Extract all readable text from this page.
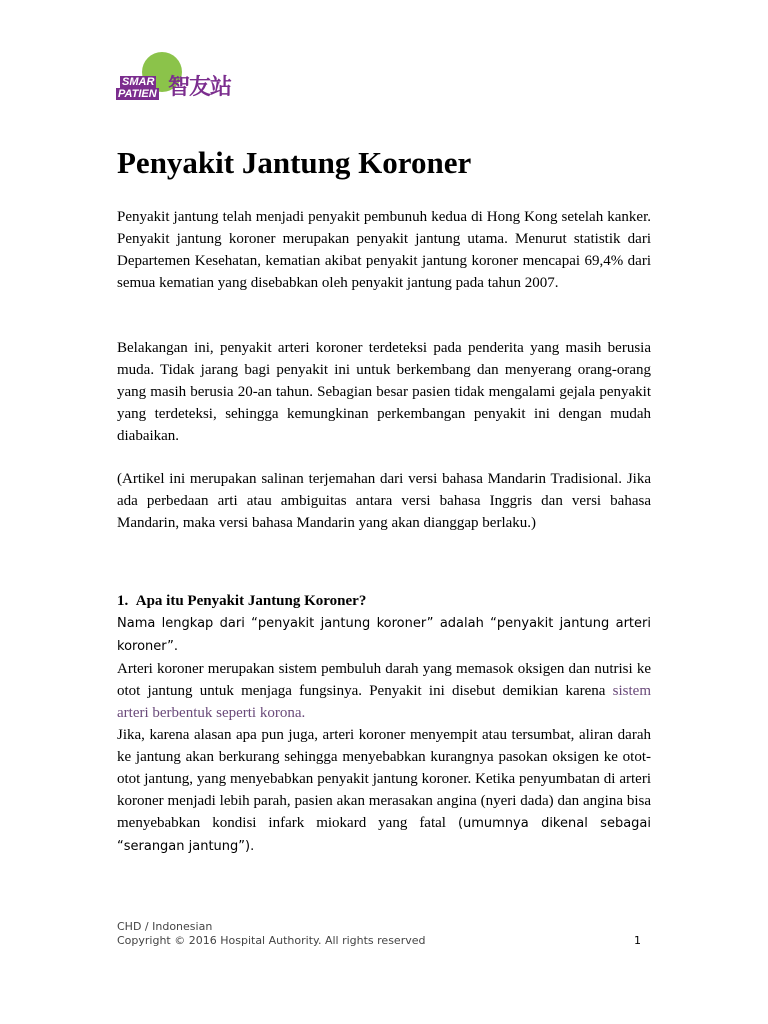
SMAR
PATIEN 智友站
Penyakit Jantung Koroner

Penyakit jantung telah menjadi penyakit pembunuh kedua di Hong Kong setelah kanker. Penyakit jantung koroner merupakan penyakit jantung utama. Menurut statistik dari Departemen Kesehatan, kematian akibat penyakit jantung koroner mencapai 69,4% dari semua kematian yang disebabkan oleh penyakit jantung pada tahun 2007.

Belakangan ini, penyakit arteri koroner terdeteksi pada penderita yang masih berusia muda. Tidak jarang bagi penyakit ini untuk berkembang dan menyerang orang-orang yang masih berusia 20-an tahun. Sebagian besar pasien tidak mengalami gejala penyakit yang terdeteksi, sehingga kemungkinan perkembangan penyakit ini dengan mudah diabaikan.

(Artikel ini merupakan salinan terjemahan dari versi bahasa Mandarin Tradisional. Jika ada perbedaan arti atau ambiguitas antara versi bahasa Inggris dan versi bahasa Mandarin, maka versi bahasa Mandarin yang akan dianggap berlaku.)

1.  Apa itu Penyakit Jantung Koroner?
Nama lengkap dari “penyakit jantung koroner” adalah “penyakit jantung arteri koroner”.
Arteri koroner merupakan sistem pembuluh darah yang memasok oksigen dan nutrisi ke otot jantung untuk menjaga fungsinya. Penyakit ini disebut demikian karena sistem arteri berbentuk seperti korona.
Jika, karena alasan apa pun juga, arteri koroner menyempit atau tersumbat, aliran darah ke jantung akan berkurang sehingga menyebabkan kurangnya pasokan oksigen ke otot-otot jantung, yang menyebabkan penyakit jantung koroner. Ketika penyumbatan di arteri koroner menjadi lebih parah, pasien akan merasakan angina (nyeri dada) dan angina bisa menyebabkan kondisi infark miokard yang fatal (umumnya dikenal sebagai “serangan jantung”).
CHD / Indonesian
Copyright © 2016 Hospital Authority. All rights reserved	1
